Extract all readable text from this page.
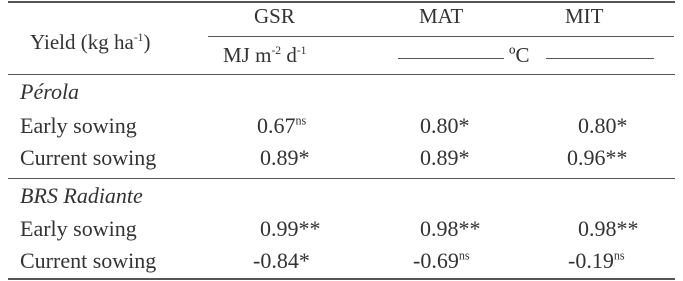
Yield (kg $ha^{-1}$)
GSR	MAT	MIT
MJ $m^{-2}$ $d^{-1}$	ºC
Pérola
Early sowing	$0.67^{ns}$	0.80*	0.80*
Current sowing	0.89*	0.89*	0.96**
BRS Radiante
Early sowing	0.99**	0.98**	0.98**
Current sowing	-0.84*	$-0.69^{ns}$	$-0.19^{ns}$
